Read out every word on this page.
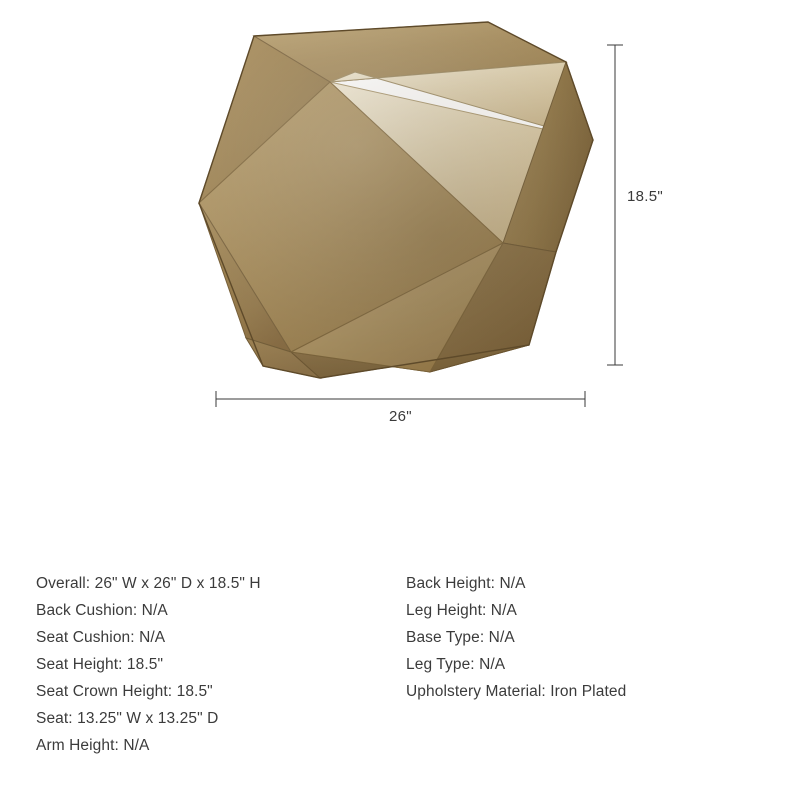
18.5"
26"
Overall: 26" W x 26" D x 18.5" H
Back Cushion: N/A
Seat Cushion: N/A
Seat Height: 18.5"
Seat Crown Height: 18.5"
Seat: 13.25" W x 13.25" D
Arm Height: N/A
Back Height: N/A
Leg Height: N/A
Base Type: N/A
Leg Type: N/A
Upholstery Material: Iron Plated
